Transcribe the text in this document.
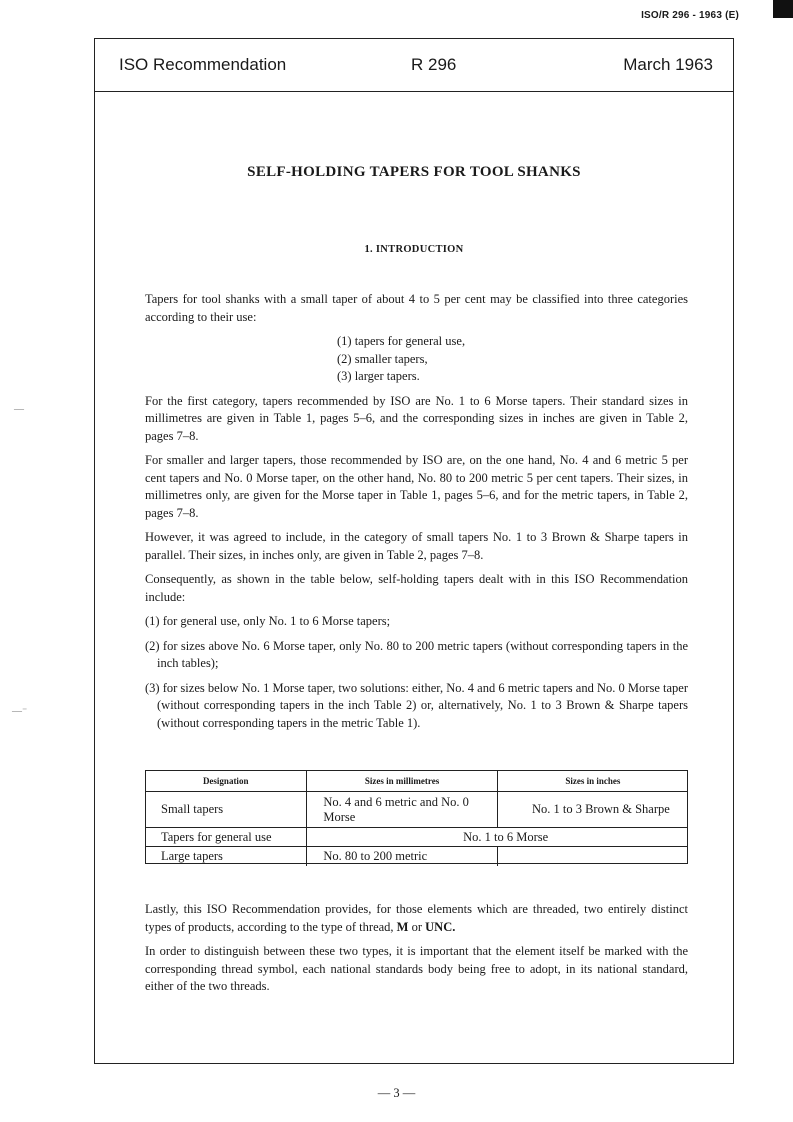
ISO/R 296 - 1963 (E)
—
—⁻
ISO Recommendation	R 296	March 1963
SELF-HOLDING TAPERS FOR TOOL SHANKS
1. INTRODUCTION

Tapers for tool shanks with a small taper of about 4 to 5 per cent may be classified into three categories according to their use:

(1) tapers for general use,
(2) smaller tapers,
(3) larger tapers.

For the first category, tapers recommended by ISO are No. 1 to 6 Morse tapers. Their standard sizes in millimetres are given in Table 1, pages 5–6, and the corresponding sizes in inches are given in Table 2, pages 7–8.

For smaller and larger tapers, those recommended by ISO are, on the one hand, No. 4 and 6 metric 5 per cent tapers and No. 0 Morse taper, on the other hand, No. 80 to 200 metric 5 per cent tapers. Their sizes, in millimetres only, are given for the Morse taper in Table 1, pages 5–6, and for the metric tapers, in Table 2, pages 7–8.

However, it was agreed to include, in the category of small tapers No. 1 to 3 Brown & Sharpe tapers in parallel. Their sizes, in inches only, are given in Table 2, pages 7–8.

Consequently, as shown in the table below, self-holding tapers dealt with in this ISO Recommendation include:

(1) for general use, only No. 1 to 6 Morse tapers;
(2) for sizes above No. 6 Morse taper, only No. 80 to 200 metric tapers (without corresponding tapers in the inch tables);
(3) for sizes below No. 1 Morse taper, two solutions: either, No. 4 and 6 metric tapers and No. 0 Morse taper (without corresponding tapers in the inch Table 2) or, alternatively, No. 1 to 3 Brown & Sharpe tapers (without corresponding tapers in the metric Table 1).
Designation	Sizes in millimetres	Sizes in inches
Small tapers	No. 4 and 6 metric and No. 0 Morse	No. 1 to 3 Brown & Sharpe
Tapers for general use	No. 1 to 6 Morse	
Large tapers	No. 80 to 200 metric	

Lastly, this ISO Recommendation provides, for those elements which are threaded, two entirely distinct types of products, according to the type of thread, M or UNC.

In order to distinguish between these two types, it is important that the element itself be marked with the corresponding thread symbol, each national standards body being free to adopt, in its national standard, either of the two threads.

— 3 —
